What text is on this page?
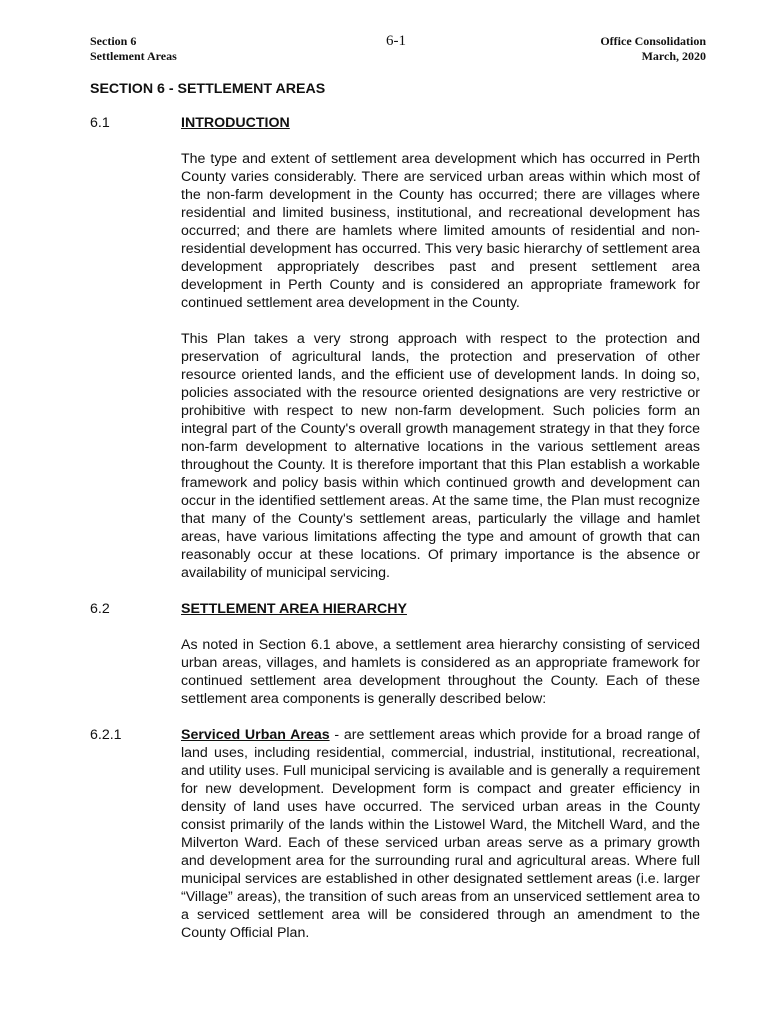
Section 6
Settlement Areas
6-1	Office Consolidation
March, 2020
SECTION 6 - SETTLEMENT AREAS
6.1	INTRODUCTION
The type and extent of settlement area development which has occurred in Perth County varies considerably. There are serviced urban areas within which most of the non-farm development in the County has occurred; there are villages where residential and limited business, institutional, and recreational development has occurred; and there are hamlets where limited amounts of residential and non-residential development has occurred. This very basic hierarchy of settlement area development appropriately describes past and present settlement area development in Perth County and is considered an appropriate framework for continued settlement area development in the County.
This Plan takes a very strong approach with respect to the protection and preservation of agricultural lands, the protection and preservation of other resource oriented lands, and the efficient use of development lands. In doing so, policies associated with the resource oriented designations are very restrictive or prohibitive with respect to new non-farm development. Such policies form an integral part of the County's overall growth management strategy in that they force non-farm development to alternative locations in the various settlement areas throughout the County. It is therefore important that this Plan establish a workable framework and policy basis within which continued growth and development can occur in the identified settlement areas. At the same time, the Plan must recognize that many of the County's settlement areas, particularly the village and hamlet areas, have various limitations affecting the type and amount of growth that can reasonably occur at these locations. Of primary importance is the absence or availability of municipal servicing.
6.2	SETTLEMENT AREA HIERARCHY
As noted in Section 6.1 above, a settlement area hierarchy consisting of serviced urban areas, villages, and hamlets is considered as an appropriate framework for continued settlement area development throughout the County. Each of these settlement area components is generally described below:
6.2.1	Serviced Urban Areas - are settlement areas which provide for a broad range of land uses, including residential, commercial, industrial, institutional, recreational, and utility uses. Full municipal servicing is available and is generally a requirement for new development. Development form is compact and greater efficiency in density of land uses have occurred. The serviced urban areas in the County consist primarily of the lands within the Listowel Ward, the Mitchell Ward, and the Milverton Ward. Each of these serviced urban areas serve as a primary growth and development area for the surrounding rural and agricultural areas. Where full municipal services are established in other designated settlement areas (i.e. larger “Village” areas), the transition of such areas from an unserviced settlement area to a serviced settlement area will be considered through an amendment to the County Official Plan.
